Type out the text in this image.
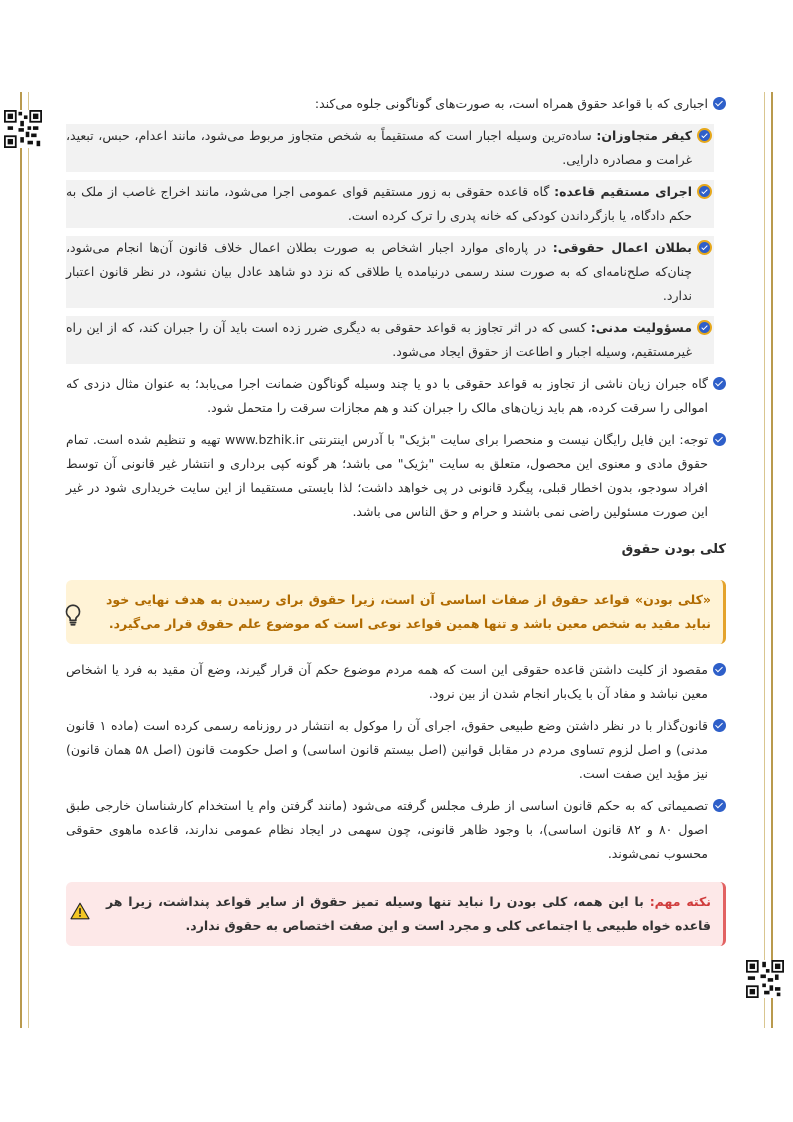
اجباری که با قواعد حقوق همراه است، به صورت‌های گوناگونی جلوه می‌کند:
کیفر متجاوزان: ساده‌ترین وسیله اجبار است که مستقیماً به شخص متجاوز مربوط می‌شود، مانند اعدام، حبس، تبعید، غرامت و مصادره دارایی.
اجرای مستقیم قاعده: گاه قاعده حقوقی به زور مستقیم قوای عمومی اجرا می‌شود، مانند اخراج غاصب از ملک به حکم دادگاه، یا بازگرداندن کودکی که خانه پدری را ترک کرده است.
بطلان اعمال حقوقی: در پاره‌ای موارد اجبار اشخاص به صورت بطلان اعمال خلاف قانون آن‌ها انجام می‌شود، چنان‌که صلح‌نامه‌ای که به صورت سند رسمی درنیامده یا طلاقی که نزد دو شاهد عادل بیان نشود، در نظر قانون اعتبار ندارد.
مسؤولیت مدنی: کسی که در اثر تجاوز به قواعد حقوقی به دیگری ضرر زده است باید آن را جبران کند، که از این راه غیرمستقیم، وسیله اجبار و اطاعت از حقوق ایجاد می‌شود.
گاه جبران زیان ناشی از تجاوز به قواعد حقوقی با دو یا چند وسیله گوناگون ضمانت اجرا می‌یابد؛ به عنوان مثال دزدی که اموالی را سرقت کرده، هم باید زیان‌های مالک را جبران کند و هم مجازات سرقت را متحمل شود.
توجه: این فایل رایگان نیست و منحصرا برای سایت "بژیک" با آدرس اینترنتی www.bzhik.ir تهیه و تنظیم شده است. تمام حقوق مادی و معنوی این محصول، متعلق به سایت "بژیک" می باشد؛ هر گونه کپی برداری و انتشار غیر قانونی آن توسط افراد سودجو، بدون اخطار قبلی، پیگرد قانونی در پی خواهد داشت؛ لذا بایستی مستقیما از این سایت خریداری شود در غیر این صورت مسئولین راضی نمی باشند و حرام و حق الناس می باشد.
کلی بودن حقوق
«کلی بودن» قواعد حقوق از صفات اساسی آن است، زیرا حقوق برای رسیدن به هدف نهایی خود نباید مقید به شخص معین باشد و تنها همین قواعد نوعی است که موضوع علم حقوق قرار می‌گیرد.
مقصود از کلیت داشتن قاعده حقوقی این است که همه مردم موضوع حکم آن قرار گیرند، وضع آن مقید به فرد یا اشخاص معین نباشد و مفاد آن با یک‌بار انجام شدن از بین نرود.
قانون‌گذار با در نظر داشتن وضع طبیعی حقوق، اجرای آن را موکول به انتشار در روزنامه رسمی کرده است (ماده ۱ قانون مدنی) و اصل لزوم تساوی مردم در مقابل قوانین (اصل بیستم قانون اساسی) و اصل حکومت قانون (اصل ۵۸ همان قانون) نیز مؤید این صفت است.
تصمیماتی که به حکم قانون اساسی از طرف مجلس گرفته می‌شود (مانند گرفتن وام یا استخدام کارشناسان خارجی طبق اصول ۸۰ و ۸۲ قانون اساسی)، با وجود ظاهر قانونی، چون سهمی در ایجاد نظام عمومی ندارند، قاعده ماهوی حقوقی محسوب نمی‌شوند.
نکته مهم: با این همه، کلی بودن را نباید تنها وسیله تمیز حقوق از سایر قواعد پنداشت، زیرا هر قاعده خواه طبیعی یا اجتماعی کلی و مجرد است و این صفت اختصاص به حقوق ندارد.
